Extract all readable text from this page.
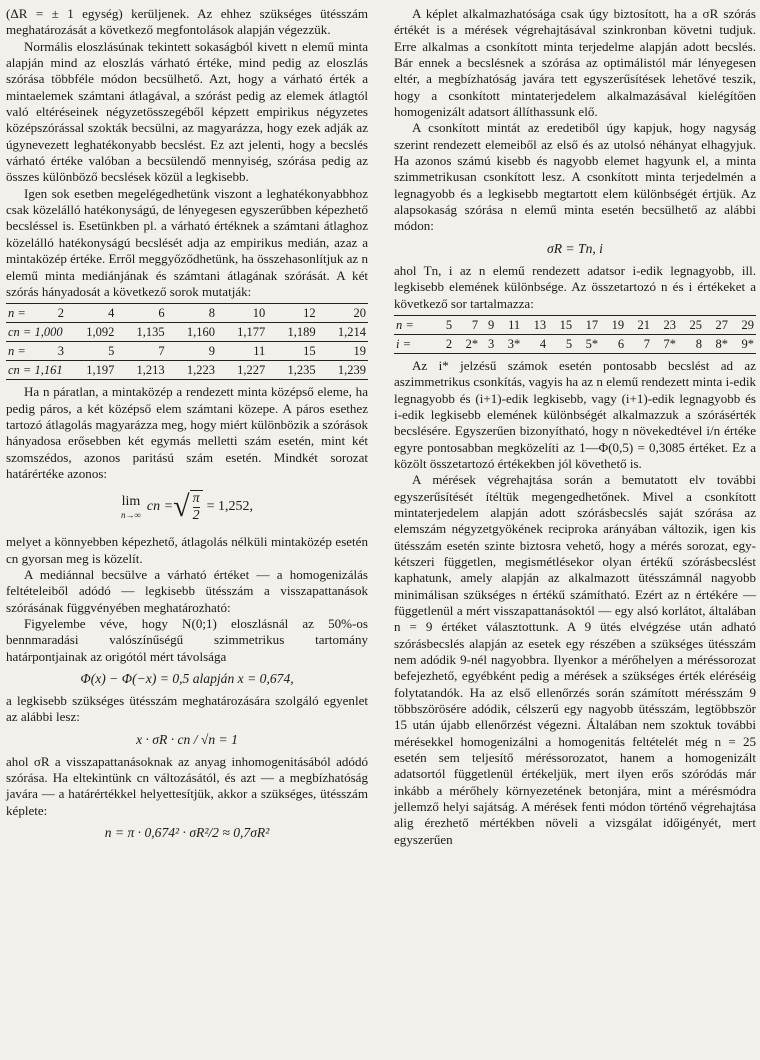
(ΔR = ± 1 egység) kerüljenek. Az ehhez szükséges ütésszám meghatározását a következő megfontolások alapján végezzük.

Normális eloszlásúnak tekintett sokaságból kivett n elemű minta alapján mind az eloszlás várható értéke, mind pedig az eloszlás szórása többféle módon becsülhető. Azt, hogy a várható érték a mintaelemek számtani átlagával, a szórást pedig az elemek átlagtól való eltéréseinek négyzetösszegéből képzett empirikus négyzetes középszórással szokták becsülni, az magyarázza, hogy ezek adják az úgynevezett leghatékonyabb becslést. Ez azt jelenti, hogy a becslés várható értéke valóban a becsülendő mennyiség, szórása pedig az összes különböző becslések közül a legkisebb.

Igen sok esetben megelégedhetünk viszont a leghatékonyabbhoz csak közelálló hatékonyságú, de lényegesen egyszerűbben képezhető becsléssel is. Esetünkben pl. a várható értéknek a számtani átlaghoz közelálló hatékonyságú becslését adja az empirikus medián, azaz a mintaközép értéke. Erről meggyőződhetünk, ha összehasonlítjuk az n elemű minta mediánjának és számtani átlagának szórását. A két szórás hányadosát a következő sorok mutatják:

n =	2	4	6	8	10	12	20
cn = 1,000		1,092	1,135	1,160	1,177	1,189	1,214
n =	3	5	7	9	11	15	19
cn = 1,161		1,197	1,213	1,223	1,227	1,235	1,239

Ha n páratlan, a mintaközép a rendezett minta középső eleme, ha pedig páros, a két középső elem számtani közepe. A páros esethez tartozó átlagolás magyarázza meg, hogy miért különbözik a szórások hányadosa erősebben két egymás melletti szám esetén, mint két szomszédos, azonos paritású szám esetén. Mindkét sorozat határértéke azonos:

lim
n→∞
cn = √ $\frac{\pi}{2} = 1,252$,

melyet a könnyebben képezhető, átlagolás nélküli mintaközép esetén cn gyorsan meg is közelít.

A mediánnal becsülve a várható értéket — a homogenizálás feltételeiből adódó — legkisebb ütésszám a visszapattanások szórásának függvényében meghatározható:

Figyelembe véve, hogy N(0;1) eloszlásnál az 50%-os bennmaradási valószínűségű szimmetrikus tartomány határpontjainak az origótól mért távolsága

Φ(x) − Φ(−x) = 0,5 alapján x = 0,674,

a legkisebb szükséges ütésszám meghatározására szolgáló egyenlet az alábbi lesz:

x · σR · cn / √n = 1

ahol σR a visszapattanásoknak az anyag inhomogenitásából adódó szórása. Ha eltekintünk cn változásától, és azt — a megbízhatóság javára — a határértékkel helyettesítjük, akkor a szükséges, ütésszám képlete:

n = π · 0,674² · σR²/2 ≈ 0,7σR²

A képlet alkalmazhatósága csak úgy biztosított, ha a σR szórás értékét is a mérések végrehajtásával szinkronban követni tudjuk. Erre alkalmas a csonkított minta terjedelme alapján adott becslés. Bár ennek a becslésnek a szórása az optimálistól már lényegesen eltér, a megbízhatóság javára tett egyszerűsítések lehetővé teszik, hogy a csonkított mintaterjedelem alkalmazásával kielégítően homogenizált adatsort állíthassunk elő.

A csonkított mintát az eredetiből úgy kapjuk, hogy nagyság szerint rendezett elemeiből az első és az utolsó néhányat elhagyjuk. Ha azonos számú kisebb és nagyobb elemet hagyunk el, a minta szimmetrikusan csonkított lesz. A csonkított minta terjedelmén a legnagyobb és a legkisebb megtartott elem különbségét értjük. Az alapsokaság szórása n elemű minta esetén becsülhető az alábbi módon:

σR = Tn, i

ahol Tn, i az n elemű rendezett adatsor i-edik legnagyobb, ill. legkisebb elemének különbsége. Az összetartozó n és i értékeket a következő sor tartalmazza:

n =	5	7	9	11	13	15	17	19	21	23	25	27	29
i =	2	2*	3	3*	4	5	5*	6	7	7*	8	8*	9*

Az i* jelzésű számok esetén pontosabb becslést ad az aszimmetrikus csonkítás, vagyis ha az n elemű rendezett minta i-edik legnagyobb és (i+1)-edik legkisebb, vagy (i+1)-edik legnagyobb és i-edik legkisebb elemének különbségét alkalmazzuk a szórásérték becslésére. Egyszerűen bizonyítható, hogy n növekedtével i/n értéke egyre pontosabban megközelíti az 1—Φ(0,5) = 0,3085 értéket. Ez a közölt összetartozó értékekben jól követhető is.

A mérések végrehajtása során a bemutatott elv további egyszerűsítését ítéltük megengedhetőnek. Mivel a csonkított mintaterjedelem alapján adott szórásbecslés saját szórása az elemszám négyzetgyökének reciproka arányában változik, igen kis ütésszám esetén szinte biztosra vehető, hogy a mérés sorozat, egy-kétszeri független, megismétlésekor olyan értékű szórásbecslést kaphatunk, amely alapján az alkalmazott ütésszámnál nagyobb minimálisan szükséges n értékű számítható. Ezért az n értékére — függetlenül a mért visszapattanásoktól — egy alsó korlátot, általában n = 9 értéket választottunk. A 9 ütés elvégzése után adható szórásbecslés alapján az esetek egy részében a szükséges ütésszám nem adódik 9-nél nagyobbra. Ilyenkor a mérőhelyen a méréssorozat befejezhető, egyébként pedig a mérések a szükséges érték eléréséig folytatandók. Ha az első ellenőrzés során számított mérésszám 9 többszörösére adódik, célszerű egy nagyobb ütésszám, legtöbbször 15 után újabb ellenőrzést végezni. Általában nem szoktuk további mérésekkel homogenizálni a homogenitás feltételét még n = 25 esetén sem teljesítő méréssorozatot, hanem a homogenizált adatsortól függetlenül értékeljük, mert ilyen erős szóródás már inkább a mérőhely környezetének betonjára, mint a mérésmódra jellemző helyi sajátság. A mérések fenti módon történő végrehajtása alig érezhető mértékben növeli a vizsgálat időigényét, mert egyszerűen
